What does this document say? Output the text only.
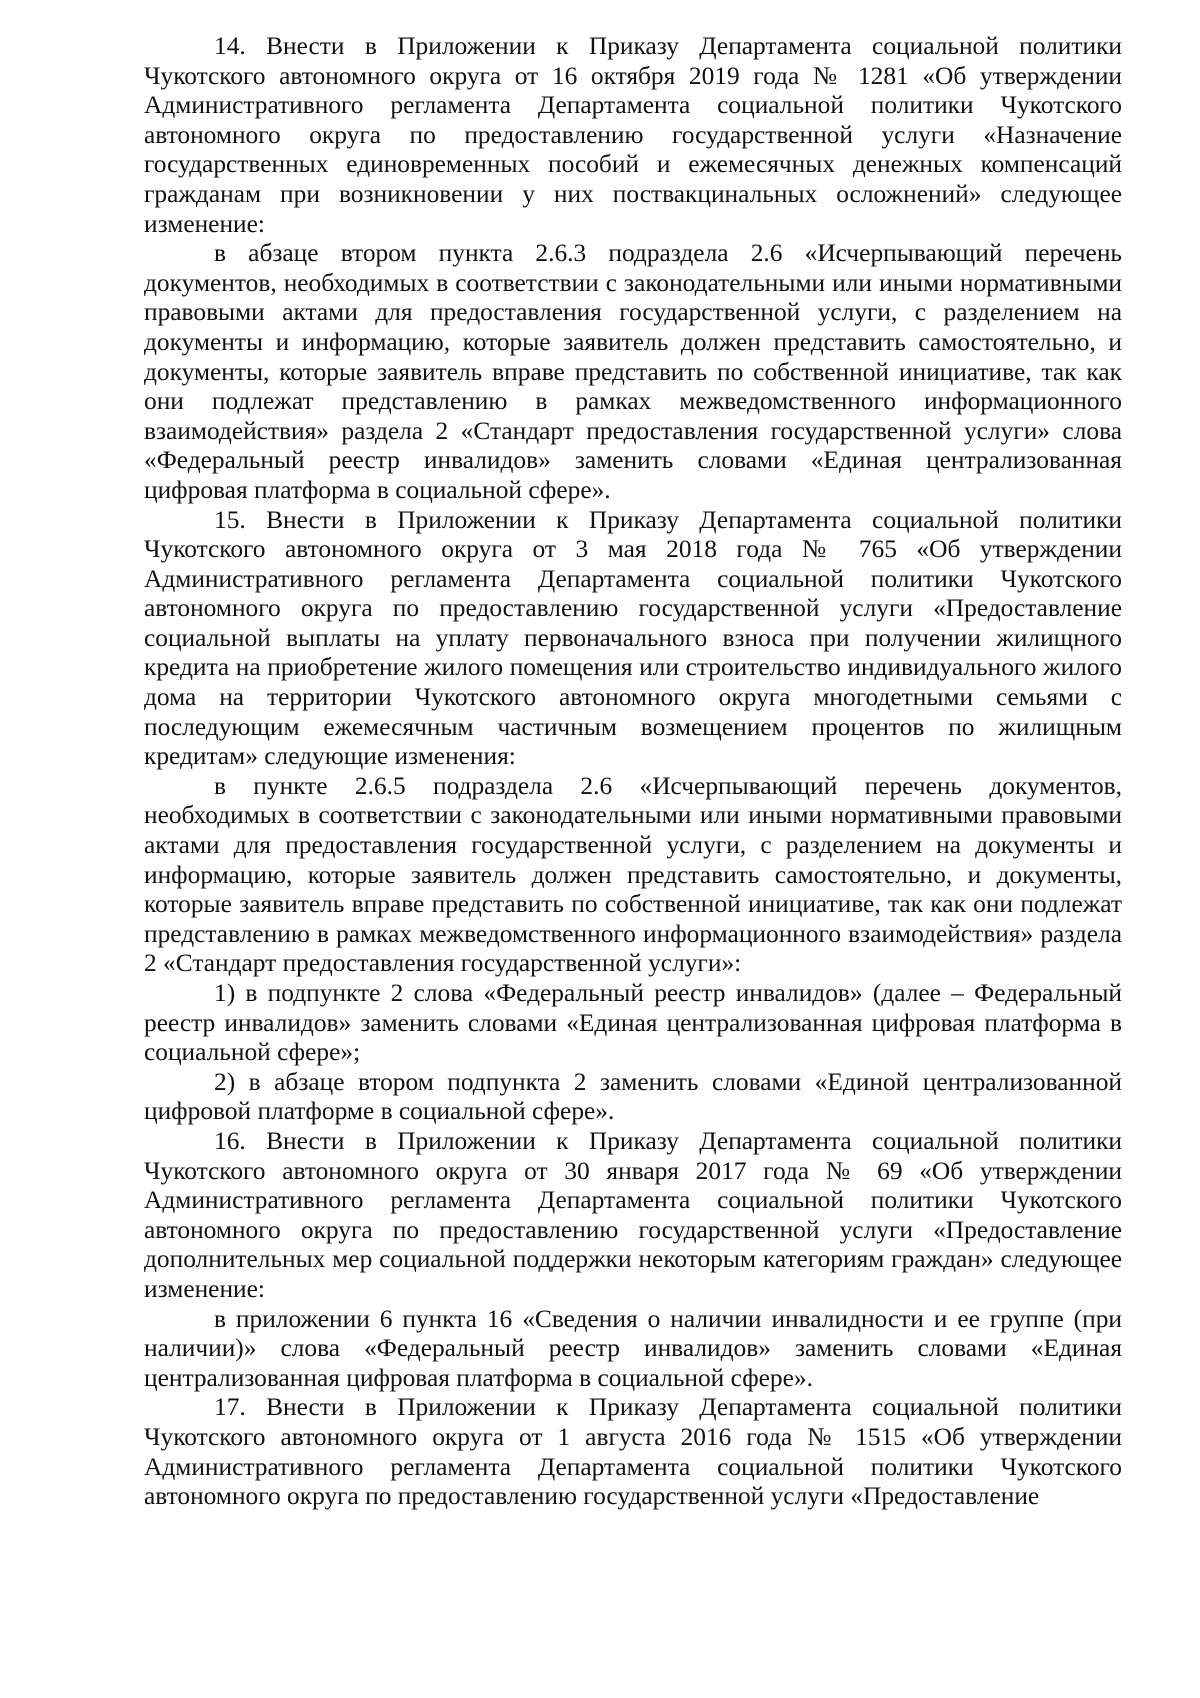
14. Внести в Приложении к Приказу Департамента социальной политики Чукотского автономного округа от 16 октября 2019 года № 1281 «Об утверждении Административного регламента Департамента социальной политики Чукотского автономного округа по предоставлению государственной услуги «Назначение государственных единовременных пособий и ежемесячных денежных компенсаций гражданам при возникновении у них поствакцинальных осложнений» следующее изменение:

в абзаце втором пункта 2.6.3 подраздела 2.6 «Исчерпывающий перечень документов, необходимых в соответствии с законодательными или иными нормативными правовыми актами для предоставления государственной услуги, с разделением на документы и информацию, которые заявитель должен представить самостоятельно, и документы, которые заявитель вправе представить по собственной инициативе, так как они подлежат представлению в рамках межведомственного информационного взаимодействия» раздела 2 «Стандарт предоставления государственной услуги» слова «Федеральный реестр инвалидов» заменить словами «Единая централизованная цифровая платформа в социальной сфере».

15. Внести в Приложении к Приказу Департамента социальной политики Чукотского автономного округа от 3 мая 2018 года № 765 «Об утверждении Административного регламента Департамента социальной политики Чукотского автономного округа по предоставлению государственной услуги «Предоставление социальной выплаты на уплату первоначального взноса при получении жилищного кредита на приобретение жилого помещения или строительство индивидуального жилого дома на территории Чукотского автономного округа многодетными семьями с последующим ежемесячным частичным возмещением процентов по жилищным кредитам» следующие изменения:

в пункте 2.6.5 подраздела 2.6 «Исчерпывающий перечень документов, необходимых в соответствии с законодательными или иными нормативными правовыми актами для предоставления государственной услуги, с разделением на документы и информацию, которые заявитель должен представить самостоятельно, и документы, которые заявитель вправе представить по собственной инициативе, так как они подлежат представлению в рамках межведомственного информационного взаимодействия» раздела 2 «Стандарт предоставления государственной услуги»:

1) в подпункте 2 слова «Федеральный реестр инвалидов» (далее – Федеральный реестр инвалидов» заменить словами «Единая централизованная цифровая платформа в социальной сфере»;

2) в абзаце втором подпункта 2 заменить словами «Единой централизованной цифровой платформе в социальной сфере».

16. Внести в Приложении к Приказу Департамента социальной политики Чукотского автономного округа от 30 января 2017 года № 69 «Об утверждении Административного регламента Департамента социальной политики Чукотского автономного округа по предоставлению государственной услуги «Предоставление дополнительных мер социальной поддержки некоторым категориям граждан» следующее изменение:

в приложении 6 пункта 16 «Сведения о наличии инвалидности и ее группе (при наличии)» слова «Федеральный реестр инвалидов» заменить словами «Единая централизованная цифровая платформа в социальной сфере».

17. Внести в Приложении к Приказу Департамента социальной политики Чукотского автономного округа от 1 августа 2016 года № 1515 «Об утверждении Административного регламента Департамента социальной политики Чукотского автономного округа по предоставлению государственной услуги «Предоставление
